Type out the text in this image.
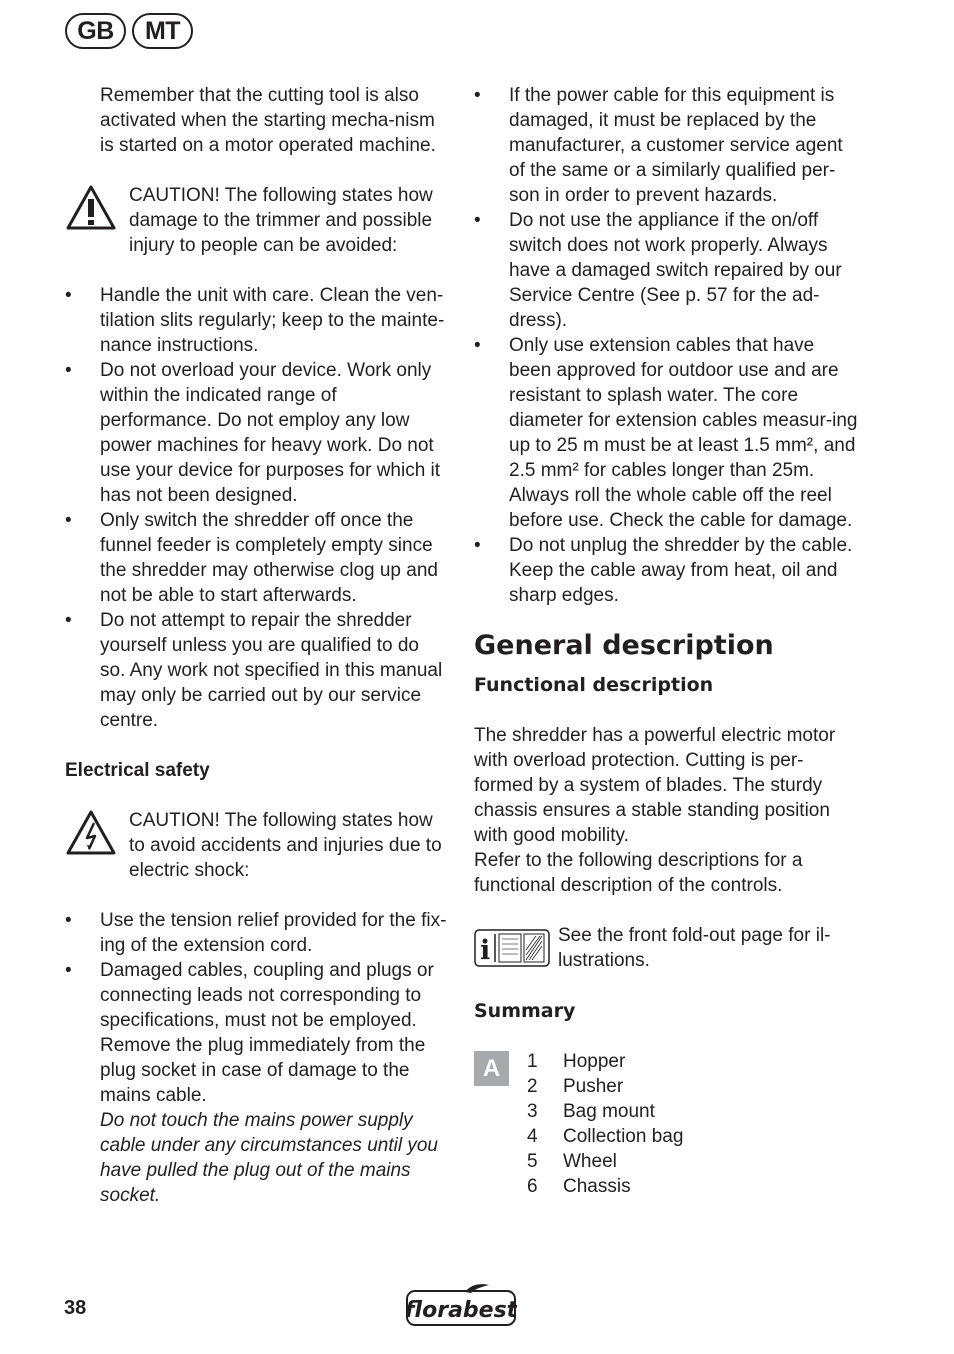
GB	MT

Remember that the cutting tool is also activated when the starting mecha-nism is started on a motor operated machine.

CAUTION! The following states how damage to the trimmer and possible injury to people can be avoided:

• Handle the unit with care. Clean the ven-tilation slits regularly; keep to the mainte-nance instructions.
• Do not overload your device. Work only within the indicated range of performance. Do not employ any low power machines for heavy work. Do not use your device for purposes for which it has not been designed.
• Only switch the shredder off once the funnel feeder is completely empty since the shredder may otherwise clog up and not be able to start afterwards.
• Do not attempt to repair the shredder yourself unless you are qualified to do so. Any work not specified in this manual may only be carried out by our service centre.
Electrical safety

CAUTION! The following states how to avoid accidents and injuries due to electric shock:

• Use the tension relief provided for the fix-ing of the extension cord.
• Damaged cables, coupling and plugs or connecting leads not corresponding to specifications, must not be employed. Remove the plug immediately from the plug socket in case of damage to the mains cable.
Do not touch the mains power supply cable under any circumstances until you have pulled the plug out of the mains socket.
• If the power cable for this equipment is damaged, it must be replaced by the manufacturer, a customer service agent of the same or a similarly qualified per-son in order to prevent hazards.
• Do not use the appliance if the on/off switch does not work properly. Always have a damaged switch repaired by our Service Centre (See p. 57 for the ad-dress).
• Only use extension cables that have been approved for outdoor use and are resistant to splash water. The core diameter for extension cables measur-ing up to 25 m must be at least 1.5 mm², and 2.5 mm² for cables longer than 25m. Always roll the whole cable off the reel before use. Check the cable for damage.
• Do not unplug the shredder by the cable. Keep the cable away from heat, oil and sharp edges.
General description
Functional description

The shredder has a powerful electric motor with overload protection. Cutting is per-formed by a system of blades. The sturdy chassis ensures a stable standing position with good mobility.

Refer to the following descriptions for a functional description of the controls.

i	See the front fold-out page for il-lustrations.

Summary
A	1	Hopper
2	Pusher
3	Bag mount
4	Collection bag
5	Wheel
6	Chassis
38	florabest
